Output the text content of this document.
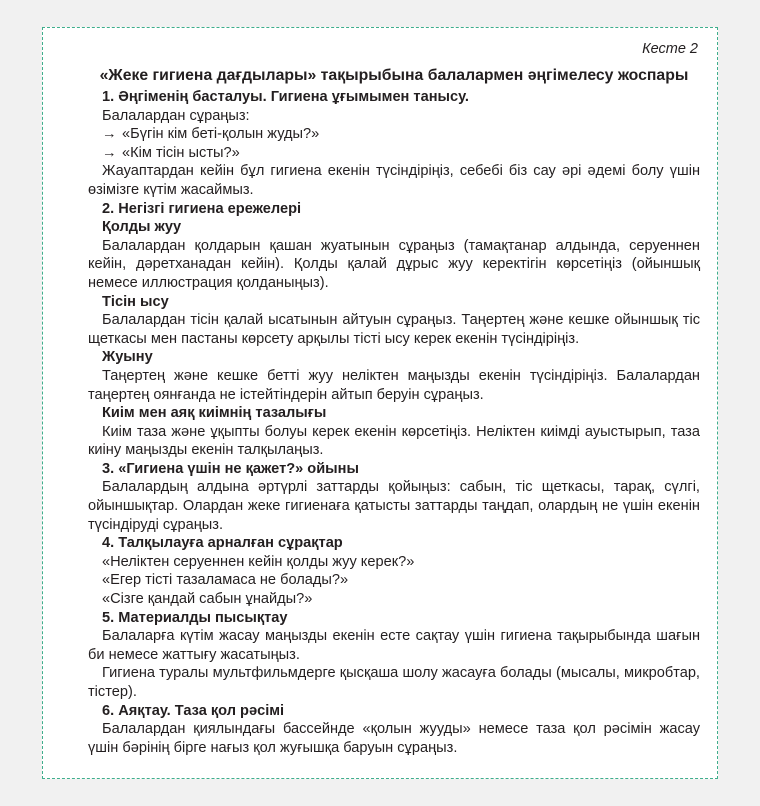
Кесте 2
«Жеке гигиена дағдылары» тақырыбына балалармен әңгімелесу жоспары
1. Әңгіменің басталуы. Гигиена ұғымымен танысу.
Балалардан сұраңыз:
→ «Бүгін кім беті-қолын жуды?»
→ «Кім тісін ысты?»

Жауаптардан кейін бұл гигиена екенін түсіндіріңіз, себебі біз сау әрі әдемі болу үшін өзімізге күтім жасаймыз.

2. Негізгі гигиена ережелері
Қолды жуу

Балалардан қолдарын қашан жуатынын сұраңыз (тамақтанар алдында, серуеннен кейін, дәретханадан кейін). Қолды қалай дұрыс жуу керектігін көрсетіңіз (ойыншық немесе иллюстрация қолданыңыз).

Тісін ысу

Балалардан тісін қалай ысатынын айтуын сұраңыз. Таңертең және кешке ойыншық тіс щеткасы мен пастаны көрсету арқылы тісті ысу керек екенін түсіндіріңіз.

Жуыну

Таңертең және кешке бетті жуу неліктен маңызды екенін түсіндіріңіз. Балалардан таңертең оянғанда не істейтіндерін айтып беруін сұраңыз.

Киім мен аяқ киімнің тазалығы

Киім таза және ұқыпты болуы керек екенін көрсетіңіз. Неліктен киімді ауыстырып, таза киіну маңызды екенін талқылаңыз.

3. «Гигиена үшін не қажет?» ойыны

Балалардың алдына әртүрлі заттарды қойыңыз: сабын, тіс щеткасы, тарақ, сүлгі, ойыншықтар. Олардан жеке гигиенаға қатысты заттарды таңдап, олардың не үшін екенін түсіндіруді сұраңыз.

4. Талқылауға арналған сұрақтар
«Неліктен серуеннен кейін қолды жуу керек?»
«Егер тісті тазаламаса не болады?»
«Сізге қандай сабын ұнайды?»
5. Материалды пысықтау

Балаларға күтім жасау маңызды екенін есте сақтау үшін гигиена тақырыбында шағын би немесе жаттығу жасатыңыз.

Гигиена туралы мультфильмдерге қысқаша шолу жасауға болады (мысалы, микробтар, тістер).

6. Аяқтау. Таза қол рәсімі

Балалардан қиялындағы бассейнде «қолын жууды» немесе таза қол рәсімін жасау үшін бәрінің бірге нағыз қол жуғышқа баруын сұраңыз.
